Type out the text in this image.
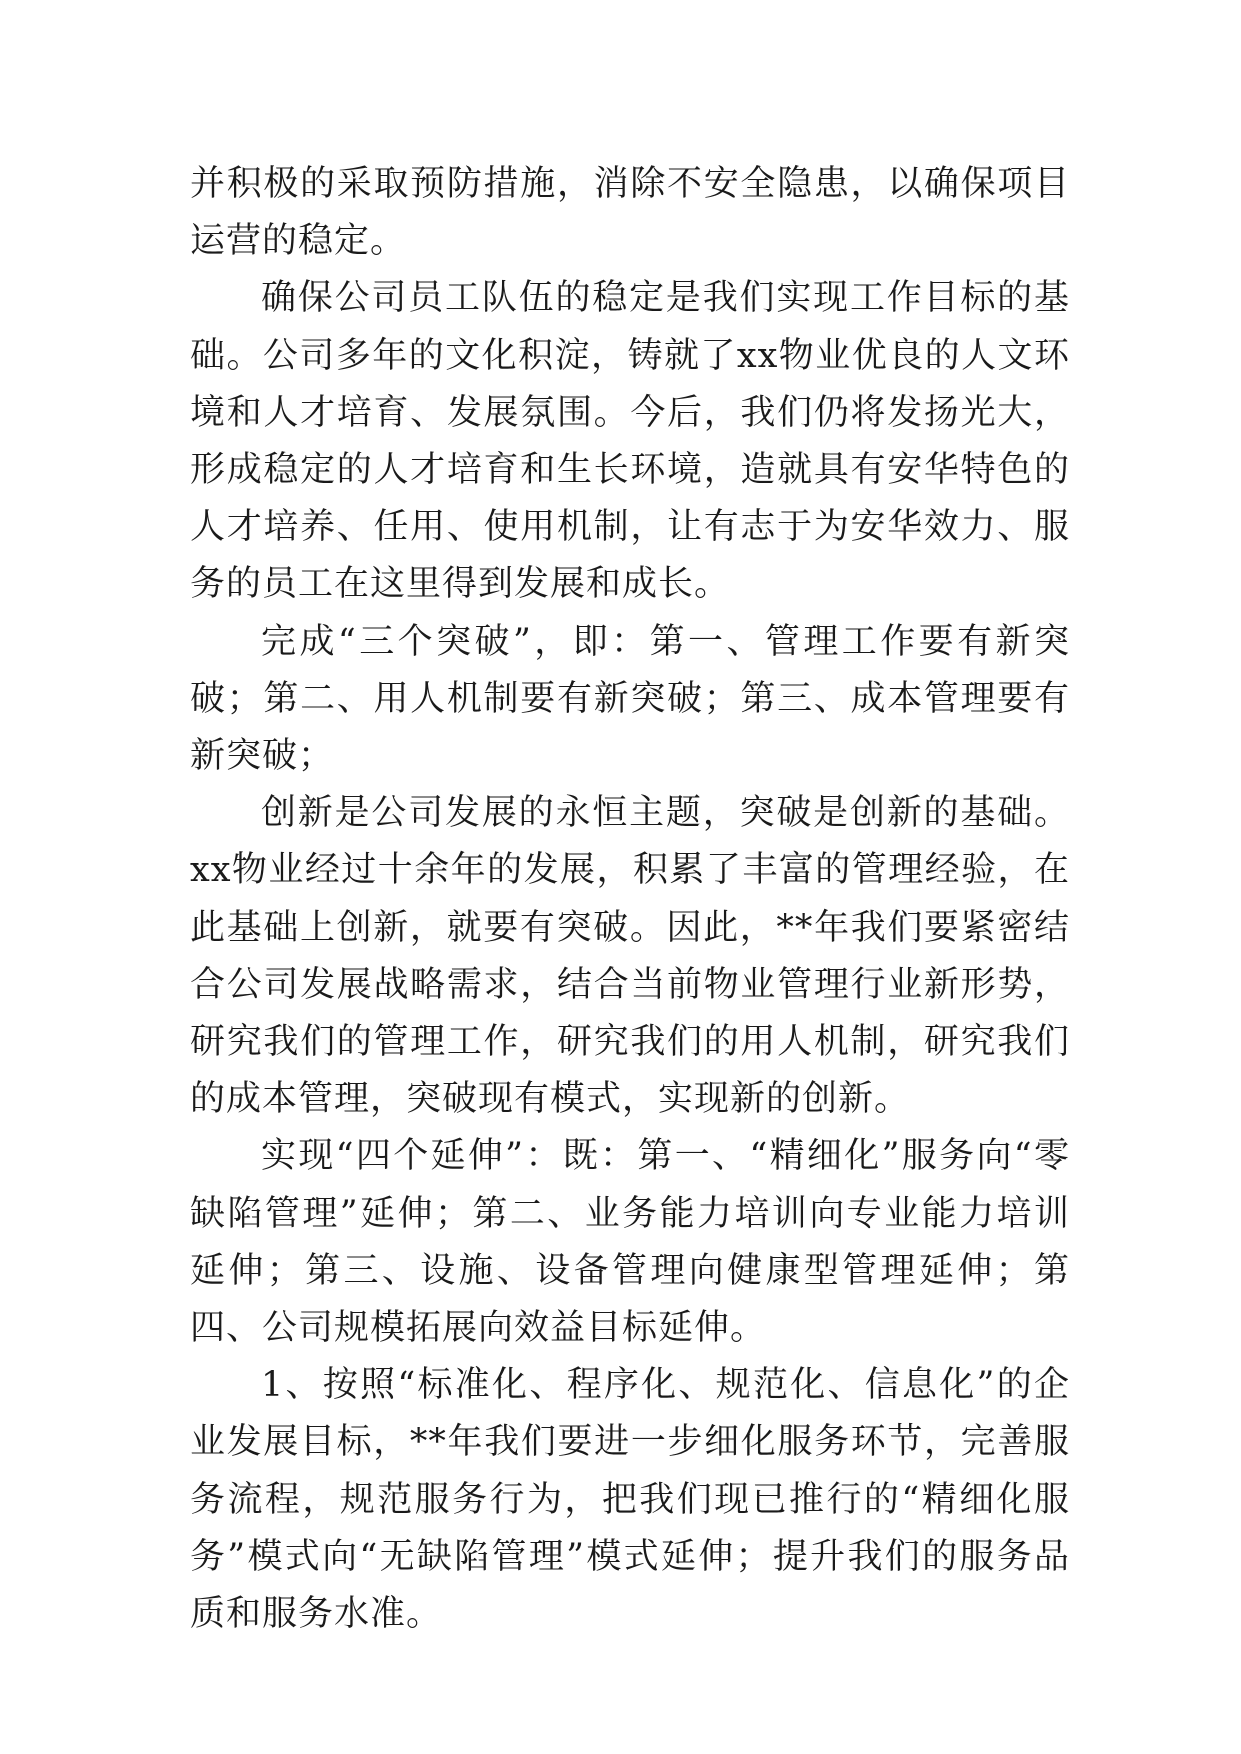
并积极的采取预防措施，消除不安全隐患，以确保项目运营的稳定。

确保公司员工队伍的稳定是我们实现工作目标的基础。公司多年的文化积淀，铸就了xx物业优良的人文环境和人才培育、发展氛围。今后，我们仍将发扬光大，形成稳定的人才培育和生长环境，造就具有安华特色的人才培养、任用、使用机制，让有志于为安华效力、服务的员工在这里得到发展和成长。

完成“三个突破”，即：第一、管理工作要有新突破；第二、用人机制要有新突破；第三、成本管理要有新突破；

创新是公司发展的永恒主题，突破是创新的基础。xx物业经过十余年的发展，积累了丰富的管理经验，在此基础上创新，就要有突破。因此，**年我们要紧密结合公司发展战略需求，结合当前物业管理行业新形势，研究我们的管理工作，研究我们的用人机制，研究我们的成本管理，突破现有模式，实现新的创新。

实现“四个延伸”：既：第一、“精细化”服务向“零缺陷管理”延伸；第二、业务能力培训向专业能力培训延伸；第三、设施、设备管理向健康型管理延伸；第四、公司规模拓展向效益目标延伸。

1、按照“标准化、程序化、规范化、信息化”的企业发展目标，**年我们要进一步细化服务环节，完善服务流程，规范服务行为，把我们现已推行的“精细化服务”模式向“无缺陷管理”模式延伸；提升我们的服务品质和服务水准。
